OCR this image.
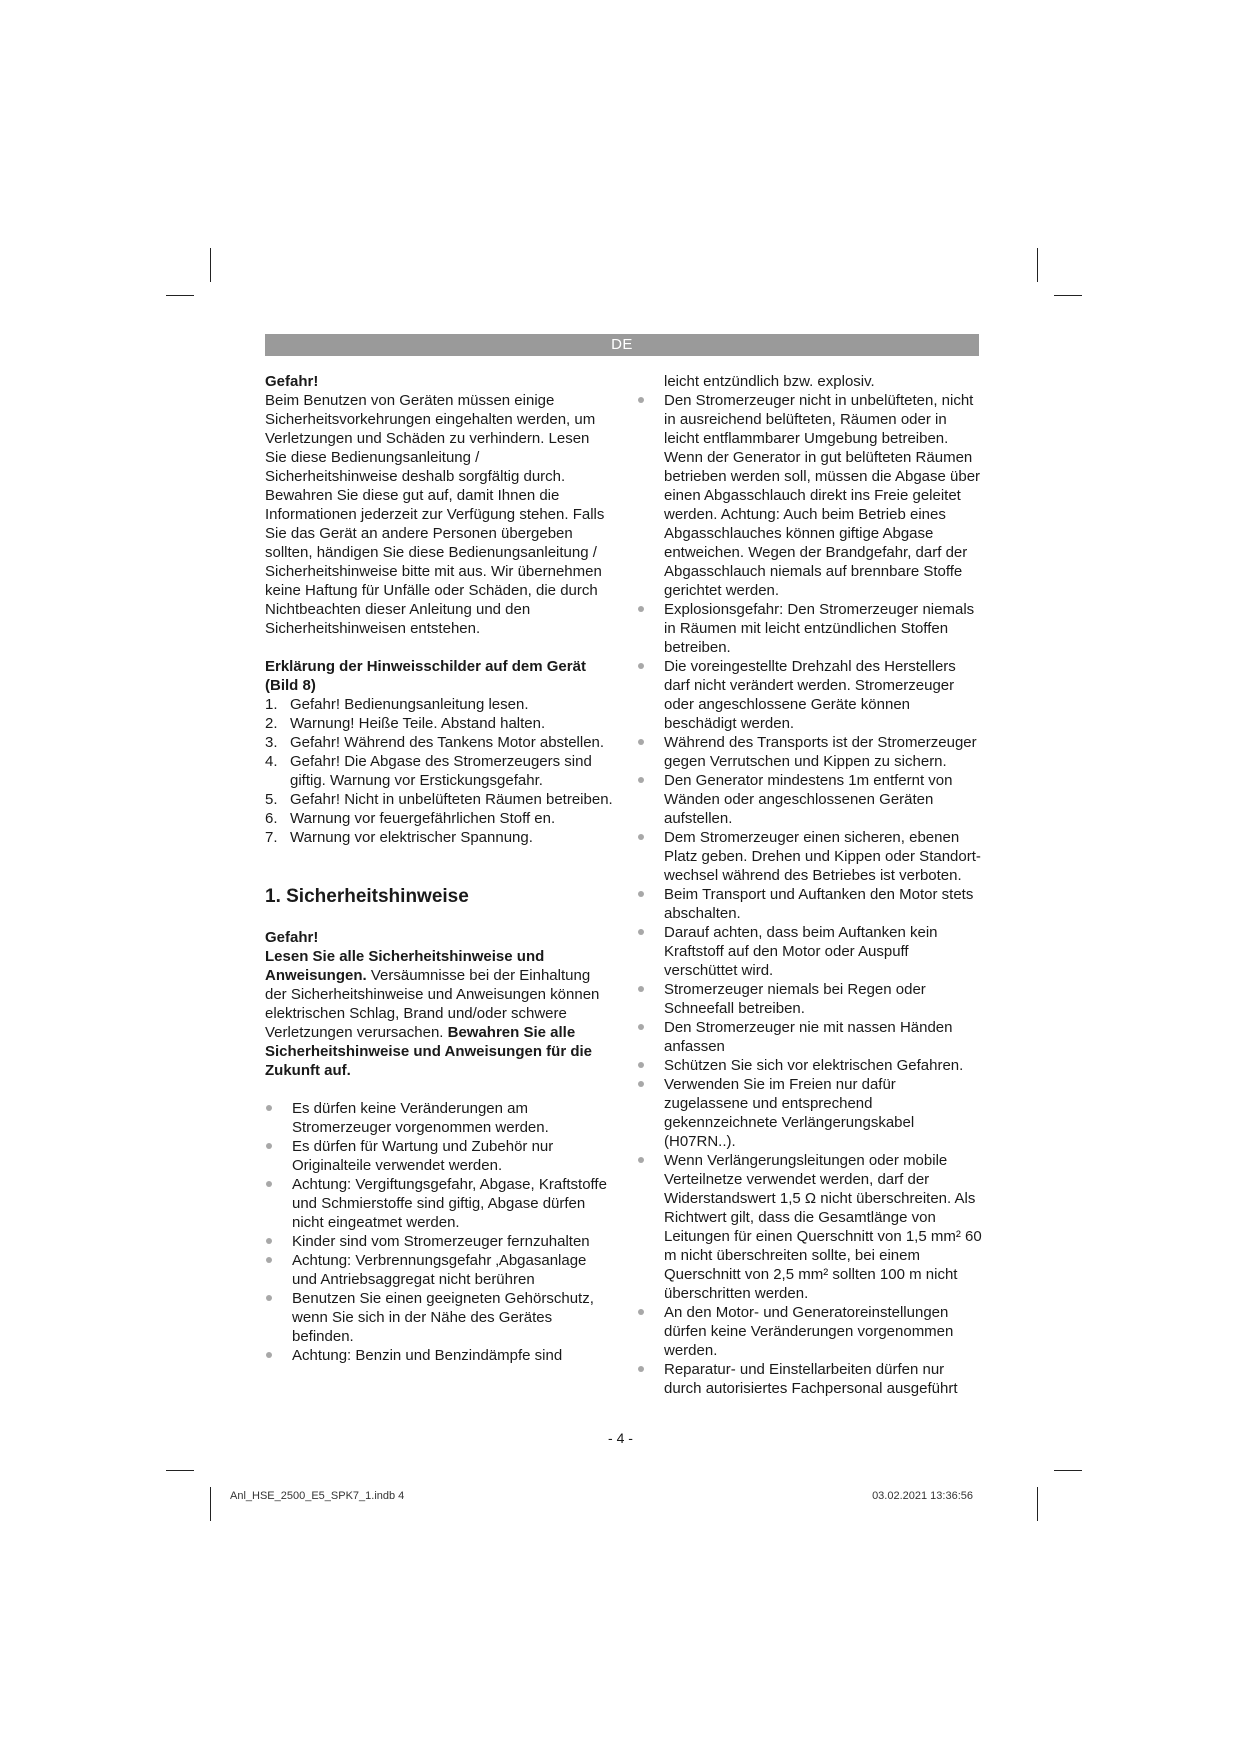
DE

Gefahr!

Beim Benutzen von Geräten müssen einige Sicherheitsvorkehrungen eingehalten werden, um Verletzungen und Schäden zu verhindern. Lesen Sie diese Bedienungsanleitung / Sicherheitshinweise deshalb sorgfältig durch. Bewahren Sie diese gut auf, damit Ihnen die Informationen jederzeit zur Verfügung stehen. Falls Sie das Gerät an andere Personen übergeben sollten, händigen Sie diese Bedienungsanleitung / Sicherheitshinweise bitte mit aus. Wir übernehmen keine Haftung für Unfälle oder Schäden, die durch Nichtbeachten dieser Anleitung und den Sicherheitshinweisen entstehen.

Erklärung der Hinweisschilder auf dem Gerät (Bild 8)

1. Gefahr! Bedienungsanleitung lesen.
2. Warnung! Heiße Teile. Abstand halten.
3. Gefahr! Während des Tankens Motor abstellen.
4. Gefahr! Die Abgase des Stromerzeugers sind giftig. Warnung vor Erstickungsgefahr.
5. Gefahr! Nicht in unbelüfteten Räumen betreiben.
6. Warnung vor feuergefährlichen Stoff en.
7. Warnung vor elektrischer Spannung.

1. Sicherheitshinweise

Gefahr!

Lesen Sie alle Sicherheitshinweise und Anweisungen. Versäumnisse bei der Einhaltung der Sicherheitshinweise und Anweisungen können elektrischen Schlag, Brand und/oder schwere Verletzungen verursachen. Bewahren Sie alle Sicherheitshinweise und Anweisungen für die Zukunft auf.

Es dürfen keine Veränderungen am Stromerzeuger vorgenommen werden.
Es dürfen für Wartung und Zubehör nur Originalteile verwendet werden.
Achtung: Vergiftungsgefahr, Abgase, Kraftstoffe und Schmierstoffe sind giftig, Abgase dürfen nicht eingeatmet werden.
Kinder sind vom Stromerzeuger fernzuhalten
Achtung: Verbrennungsgefahr ‚Abgasanlage und Antriebsaggregat nicht berühren
Benutzen Sie einen geeigneten Gehörschutz, wenn Sie sich in der Nähe des Gerätes befinden.
Achtung: Benzin und Benzindämpfe sind

leicht entzündlich bzw. explosiv.

Den Stromerzeuger nicht in unbelüfteten, nicht in ausreichend belüfteten, Räumen oder in leicht entflammbarer Umgebung betreiben. Wenn der Generator in gut belüfteten Räumen betrieben werden soll, müssen die Abgase über einen Abgasschlauch direkt ins Freie geleitet werden. Achtung: Auch beim Betrieb eines Abgasschlauches können giftige Abgase entweichen. Wegen der Brandgefahr, darf der Abgasschlauch niemals auf brennbare Stoffe gerichtet werden.
Explosionsgefahr: Den Stromerzeuger niemals in Räumen mit leicht entzündlichen Stoffen betreiben.
Die voreingestellte Drehzahl des Herstellers darf nicht verändert werden. Stromerzeuger oder angeschlossene Geräte können beschädigt werden.
Während des Transports ist der Stromerzeuger gegen Verrutschen und Kippen zu sichern.
Den Generator mindestens 1m entfernt von Wänden oder angeschlossenen Geräten aufstellen.
Dem Stromerzeuger einen sicheren, ebenen Platz geben. Drehen und Kippen oder Standort-wechsel während des Betriebes ist verboten.
Beim Transport und Auftanken den Motor stets abschalten.
Darauf achten, dass beim Auftanken kein Kraftstoff auf den Motor oder Auspuff verschüttet wird.
Stromerzeuger niemals bei Regen oder Schneefall betreiben.
Den Stromerzeuger nie mit nassen Händen anfassen
Schützen Sie sich vor elektrischen Gefahren.
Verwenden Sie im Freien nur dafür zugelassene und entsprechend gekennzeichnete Verlängerungskabel (H07RN..).
Wenn Verlängerungsleitungen oder mobile Verteilnetze verwendet werden, darf der Widerstandswert 1,5 Ω nicht überschreiten. Als Richtwert gilt, dass die Gesamtlänge von Leitungen für einen Querschnitt von 1,5 mm² 60 m nicht überschreiten sollte, bei einem Querschnitt von 2,5 mm² sollten 100 m nicht überschritten werden.
An den Motor- und Generatoreinstellungen dürfen keine Veränderungen vorgenommen werden.
Reparatur- und Einstellarbeiten dürfen nur durch autorisiertes Fachpersonal ausgeführt
- 4 -
Anl_HSE_2500_E5_SPK7_1.indb 4	03.02.2021 13:36:56
